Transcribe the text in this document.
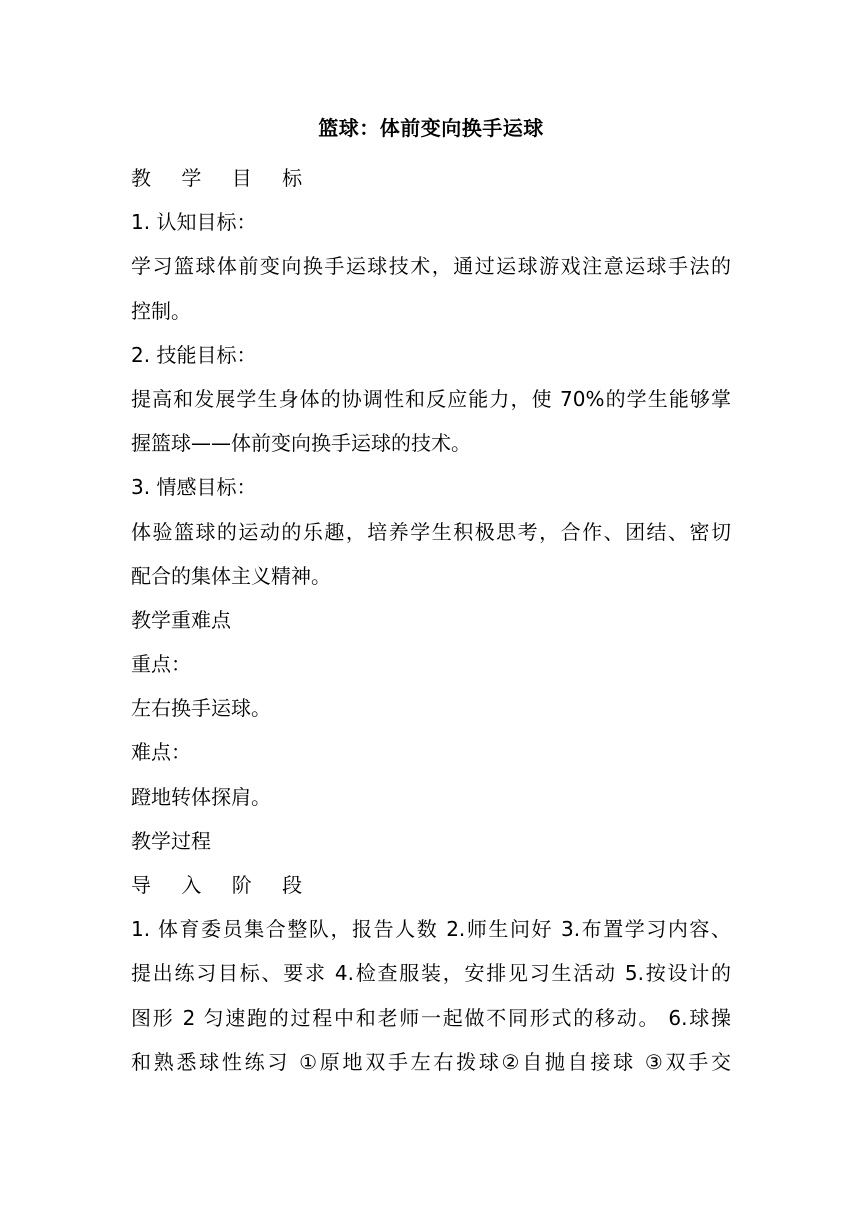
篮球：体前变向换手运球
教 学 目 标
1. 认知目标：
学习篮球体前变向换手运球技术，通过运球游戏注意运球手法的
控制。
2. 技能目标：
提高和发展学生身体的协调性和反应能力，使 70%的学生能够掌
握篮球——体前变向换手运球的技术。
3. 情感目标：
体验篮球的运动的乐趣，培养学生积极思考，合作、团结、密切
配合的集体主义精神。
教学重难点
重点：
左右换手运球。
难点：
蹬地转体探肩。
教学过程
导 入 阶 段
1. 体育委员集合整队，报告人数 2.师生问好 3.布置学习内容、
提出练习目标、要求 4.检查服装，安排见习生活动 5.按设计的
图形 2 匀速跑的过程中和老师一起做不同形式的移动。 6.球操
和熟悉球性练习 ①原地双手左右拨球②自抛自接球 ③双手交
